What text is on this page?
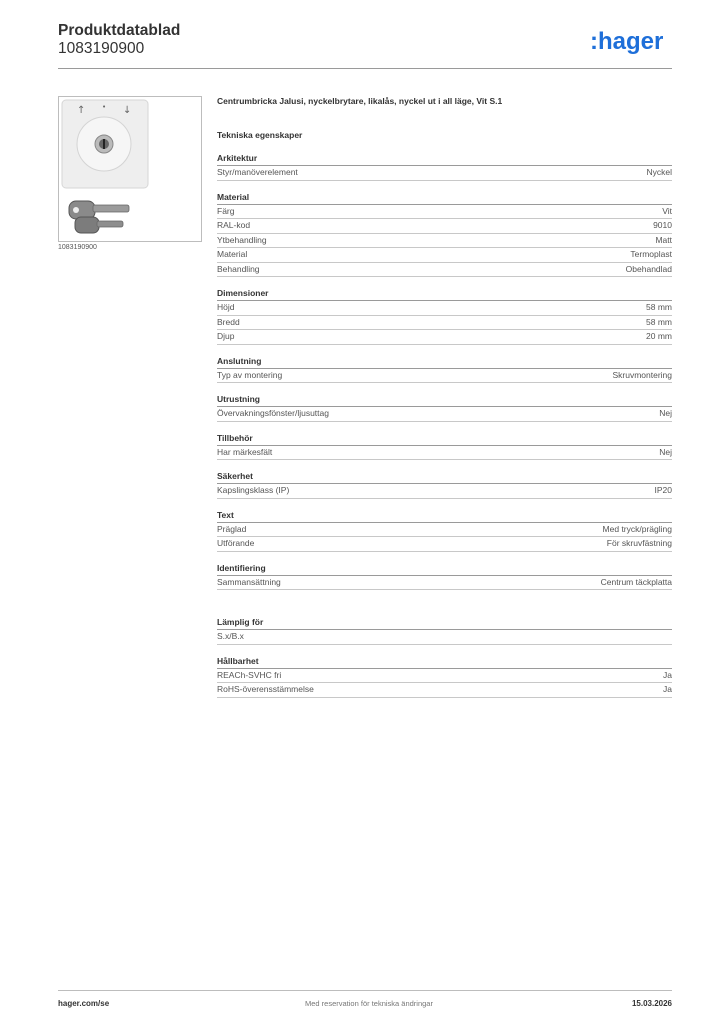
Produktdatablad
1083190900	:hager
↑ • ↓
1083190900
Centrumbricka Jalusi, nyckelbrytare, likalås, nyckel ut i all läge, Vit S.1
Tekniska egenskaper
Arkitektur
Styr/manöverelement	Nyckel
Material
Färg	Vit
RAL-kod	9010
Ytbehandling	Matt
Material	Termoplast
Behandling	Obehandlad
Dimensioner
Höjd	58 mm
Bredd	58 mm
Djup	20 mm
Anslutning
Typ av montering	Skruvmontering
Utrustning
Övervakningsfönster/ljusuttag	Nej
Tillbehör
Har märkesfält	Nej
Säkerhet
Kapslingsklass (IP)	IP20
Text
Präglad	Med tryck/prägling
Utförande	För skruvfästning
Identifiering
Sammansättning	Centrum täckplatta
Lämplig för
S.x/B.x
Hållbarhet
REACh-SVHC fri	Ja
RoHS-överensstämmelse	Ja
hager.com/se	Med reservation för tekniska ändringar	15.03.2026
